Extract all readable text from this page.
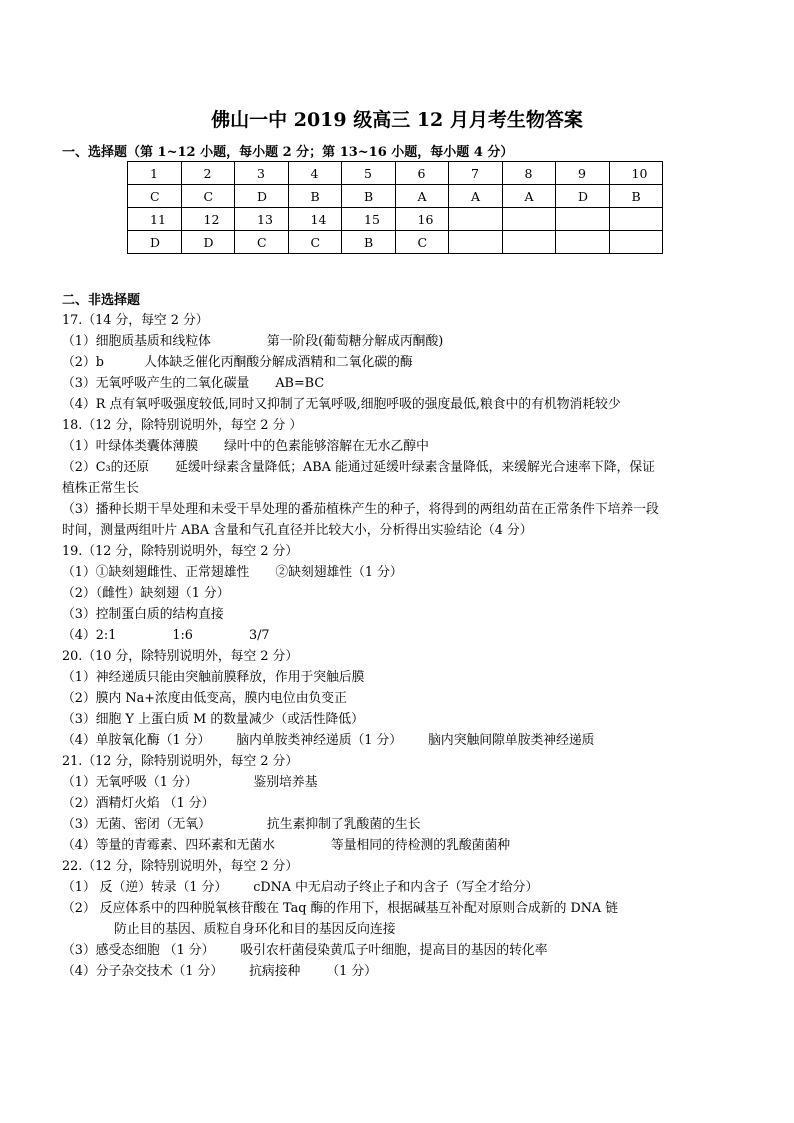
佛山一中 2019 级高三 12 月月考生物答案
一、选择题（第 1~12 小题，每小题 2 分；第 13~16 小题，每小题 4 分）
1	2	3	4	5	6	7	8	9	10
C	C	D	B	B	A	A	A	D	B
11	12	13	14	15	16				
D	D	C	C	B	C				
二、非选择题
17.（14 分，每空 2 分）
（1）细胞质基质和线粒体	第一阶段(葡萄糖分解成丙酮酸)
（2）b	人体缺乏催化丙酮酸分解成酒精和二氧化碳的酶
（3）无氧呼吸产生的二氧化碳量 AB=BC
（4）R 点有氧呼吸强度较低,同时又抑制了无氧呼吸,细胞呼吸的强度最低,粮食中的有机物消耗较少
18.（12 分，除特别说明外，每空 2 分 ）
（1）叶绿体类囊体薄膜 绿叶中的色素能够溶解在无水乙醇中
（2）C₃的还原 延缓叶绿素含量降低；ABA 能通过延缓叶绿素含量降低，来缓解光合速率下降，保证
植株正常生长
（3）播种长期干旱处理和未受干旱处理的番茄植株产生的种子，将得到的两组幼苗在正常条件下培养一段
时间，测量两组叶片 ABA 含量和气孔直径并比较大小，分析得出实验结论（4 分）
19.（12 分，除特别说明外，每空 2 分）
（1）①缺刻翅雌性、正常翅雄性 ②缺刻翅雄性（1 分）
（2）（雌性）缺刻翅（1 分）
（3）控制蛋白质的结构直接
（4）2:1	1:6	3/7
20.（10 分，除特别说明外，每空 2 分）
（1）神经递质只能由突触前膜释放，作用于突触后膜
（2）膜内 Na+浓度由低变高，膜内电位由负变正
（3）细胞 Y 上蛋白质 M 的数量减少（或活性降低）
（4）单胺氧化酶（1 分） 脑内单胺类神经递质（1 分） 脑内突触间隙单胺类神经递质
21.（12 分，除特别说明外，每空 2 分）
（1）无氧呼吸（1 分）	鉴别培养基
（2）酒精灯火焰 （1 分）
（3）无菌、密闭（无氧）	抗生素抑制了乳酸菌的生长
（4）等量的青霉素、四环素和无菌水	等量相同的待检测的乳酸菌菌种
22.（12 分，除特别说明外，每空 2 分）
（1） 反（逆）转录（1 分） cDNA 中无启动子终止子和内含子（写全才给分）
（2） 反应体系中的四种脱氧核苷酸在 Taq 酶的作用下，根据碱基互补配对原则合成新的 DNA 链
防止目的基因、质粒自身环化和目的基因反向连接
（3）感受态细胞 （1 分） 吸引农杆菌侵染黄瓜子叶细胞，提高目的基因的转化率
（4）分子杂交技术（1 分） 抗病接种 （1 分）
